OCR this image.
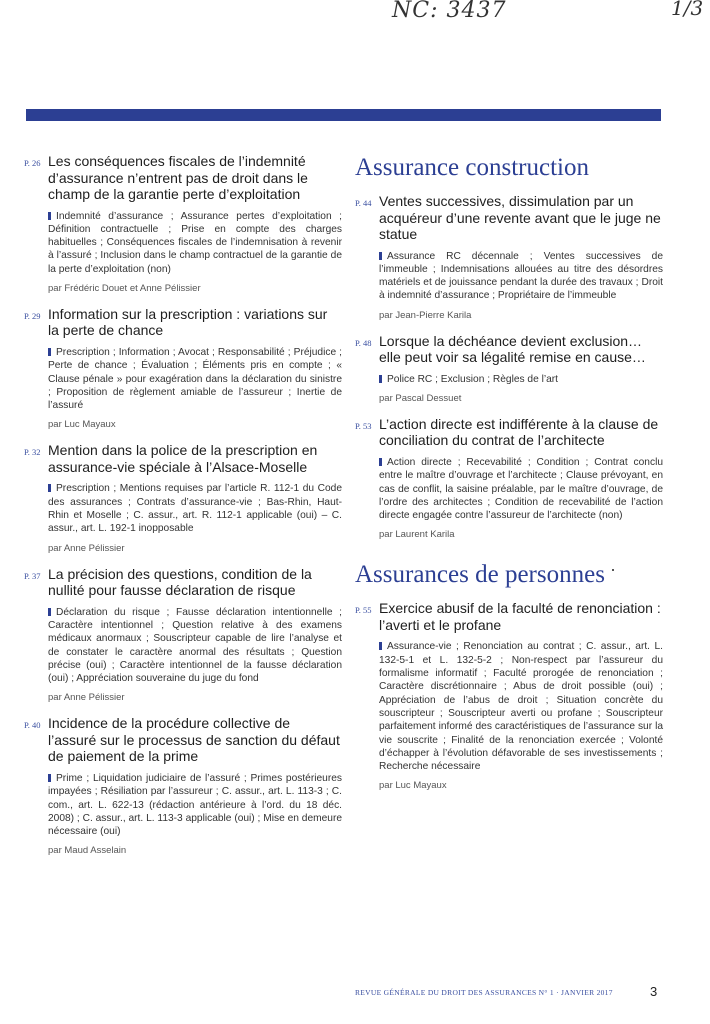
NC: 3437	1/3
P. 26 Les conséquences fiscales de l’indemnité d’assurance n’entrent pas de droit dans le champ de la garantie perte d’exploitation
Indemnité d’assurance ; Assurance pertes d’exploitation ; Définition contractuelle ; Prise en compte des charges habituelles ; Conséquences fiscales de l’indemnisation à revenir à l’assuré ; Inclusion dans le champ contractuel de la garantie de la perte d’exploitation (non)
par Frédéric Douet et Anne Pélissier
P. 29 Information sur la prescription : variations sur la perte de chance
Prescription ; Information ; Avocat ; Responsabilité ; Préjudice ; Perte de chance ; Évaluation ; Éléments pris en compte ; « Clause pénale » pour exagération dans la déclaration du sinistre ; Proposition de règlement amiable de l’assureur ; Inertie de l’assuré
par Luc Mayaux
P. 32 Mention dans la police de la prescription en assurance-vie spéciale à l’Alsace-Moselle
Prescription ; Mentions requises par l’article R. 112-1 du Code des assurances ; Contrats d’assurance-vie ; Bas-Rhin, Haut-Rhin et Moselle ; C. assur., art. R. 112-1 applicable (oui) – C. assur., art. L. 192-1 inopposable
par Anne Pélissier
P. 37 La précision des questions, condition de la nullité pour fausse déclaration de risque
Déclaration du risque ; Fausse déclaration intentionnelle ; Caractère intentionnel ; Question relative à des examens médicaux anormaux ; Souscripteur capable de lire l’analyse et de constater le caractère anormal des résultats ; Question précise (oui) ; Caractère intentionnel de la fausse déclaration (oui) ; Appréciation souveraine du juge du fond
par Anne Pélissier
P. 40 Incidence de la procédure collective de l’assuré sur le processus de sanction du défaut de paiement de la prime
Prime ; Liquidation judiciaire de l’assuré ; Primes postérieures impayées ; Résiliation par l’assureur ; C. assur., art. L. 113-3 ; C. com., art. L. 622-13 (rédaction antérieure à l’ord. du 18 déc. 2008) ; C. assur., art. L. 113-3 applicable (oui) ; Mise en demeure nécessaire (oui)
par Maud Asselain
Assurance construction
P. 44 Ventes successives, dissimulation par un acquéreur d’une revente avant que le juge ne statue
Assurance RC décennale ; Ventes successives de l’immeuble ; Indemnisations allouées au titre des désordres matériels et de jouissance pendant la durée des travaux ; Droit à indemnité d’assurance ; Propriétaire de l’immeuble
par Jean-Pierre Karila
P. 48 Lorsque la déchéance devient exclusion… elle peut voir sa légalité remise en cause…
Police RC ; Exclusion ; Règles de l’art
par Pascal Dessuet
P. 53 L’action directe est indifférente à la clause de conciliation du contrat de l’architecte
Action directe ; Recevabilité ; Condition ; Contrat conclu entre le maître d’ouvrage et l’architecte ; Clause prévoyant, en cas de conflit, la saisine préalable, par le maître d’ouvrage, de l’ordre des architectes ; Condition de recevabilité de l’action directe engagée contre l’assureur de l’architecte (non)
par Laurent Karila
Assurances de personnes
P. 55 Exercice abusif de la faculté de renonciation : l’averti et le profane
Assurance-vie ; Renonciation au contrat ; C. assur., art. L. 132-5-1 et L. 132-5-2 ; Non-respect par l’assureur du formalisme informatif ; Faculté prorogée de renonciation ; Caractère discrétionnaire ; Abus de droit possible (oui) ; Appréciation de l’abus de droit ; Situation concrète du souscripteur ; Souscripteur averti ou profane ; Souscripteur parfaitement informé des caractéristiques de l’assurance sur la vie souscrite ; Finalité de la renonciation exercée ; Volonté d’échapper à l’évolution défavorable de ses investissements ; Recherche nécessaire
par Luc Mayaux
REVUE GÉNÉRALE DU DROIT DES ASSURANCES N° 1 · JANVIER 2017	3
